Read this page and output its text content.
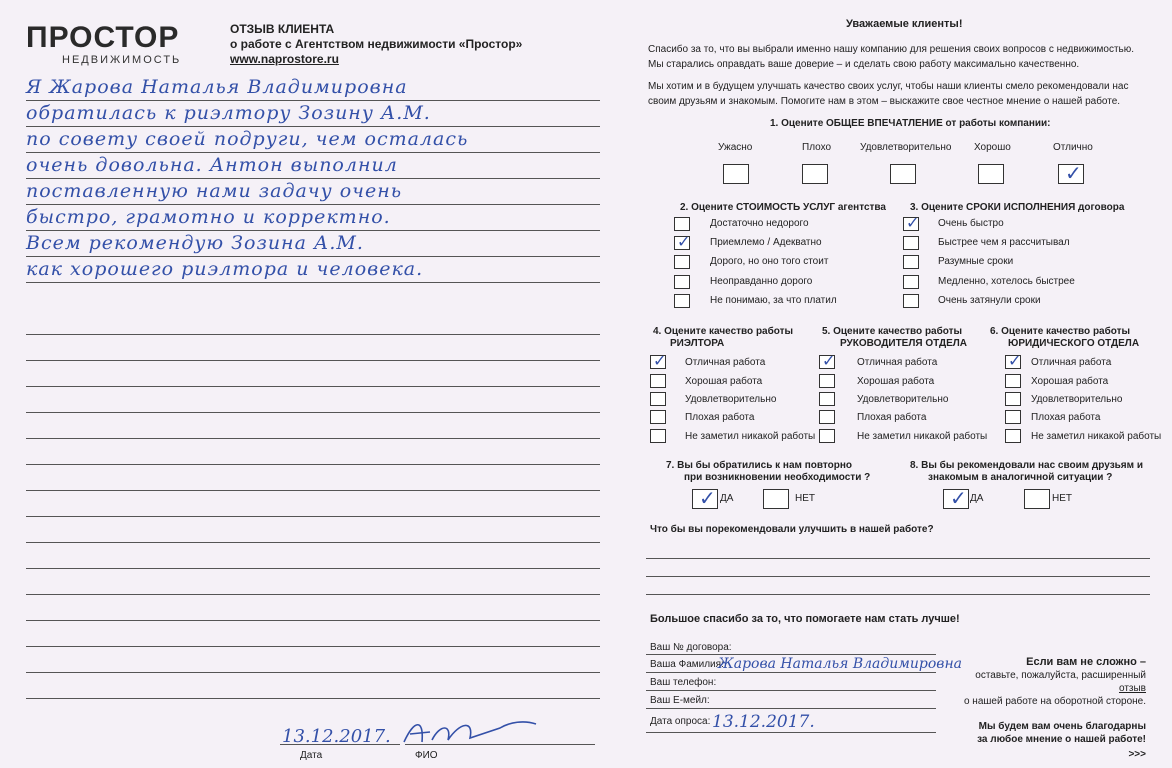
ПРОСТОР
НЕДВИЖИМОСТЬ
ОТЗЫВ КЛИЕНТА
о работе с Агентством недвижимости «Простор»
www.naprostore.ru
Я Жарова Наталья Владимировна
обратилась к риэлтору Зозину А.М.
по совету своей подруги, чем осталась
очень довольна. Антон выполнил
поставленную нами задачу очень
быстро, грамотно и корректно.
Всем рекомендую Зозина А.М.
как хорошего риэлтора и человека.
13.12.2017.
Дата	ФИО
Уважаемые клиенты!
Спасибо за то, что вы выбрали именно нашу компанию для решения своих вопросов с недвижимостью. Мы старались оправдать ваше доверие – и сделать свою работу максимально качественно.
Мы хотим и в будущем улучшать качество своих услуг, чтобы наши клиенты смело рекомендовали нас своим друзьям и знакомым. Помогите нам в этом – выскажите свое честное мнение о нашей работе.
1. Оцените ОБЩЕЕ ВПЕЧАТЛЕНИЕ от работы компании:
Ужасно	Плохо	Удовлетворительно Хорошо	Отлично
✓
2. Оцените СТОИМОСТЬ УСЛУГ агентства
✓
Достаточно недорого
Приемлемо / Адекватно
Дорого, но оно того стоит
Неоправданно дорого
Не понимаю, за что платил
3. Оцените СРОКИ ИСПОЛНЕНИЯ договора
✓ Очень быстро
Быстрее чем я рассчитывал
Разумные сроки
Медленно, хотелось быстрее
Очень затянули сроки
4. Оцените качество работы
РИЭЛТОРА
✓ Отличная работа
Хорошая работа
Удовлетворительно
Плохая работа
Не заметил никакой работы
5. Оцените качество работы
РУКОВОДИТЕЛЯ ОТДЕЛА
✓ Отличная работа
Хорошая работа
Удовлетворительно
Плохая работа
Не заметил никакой работы
6. Оцените качество работы
ЮРИДИЧЕСКОГО ОТДЕЛА
✓ Отличная работа
Хорошая работа
Удовлетворительно
Плохая работа
Не заметил никакой работы
7. Вы бы обратились к нам повторно
при возникновении необходимости ?
✓ ДА	НЕТ
8. Вы бы рекомендовали нас своим друзьям и
знакомым в аналогичной ситуации ?
✓ ДА	НЕТ
Что бы вы порекомендовали улучшить в нашей работе?
Большое спасибо за то, что помогаете нам стать лучше!
Ваш № договора:
Ваша Фамилия:
Жарова Наталья Владимировна
Ваш телефон:
Ваш Е-мейл:
Дата опроса: 13.12.2017.
Если вам не сложно –
оставьте, пожалуйста, расширенный отзыв
о нашей работе на оборотной стороне.
Мы будем вам очень благодарны
за любое мнение о нашей работе!
>>>
